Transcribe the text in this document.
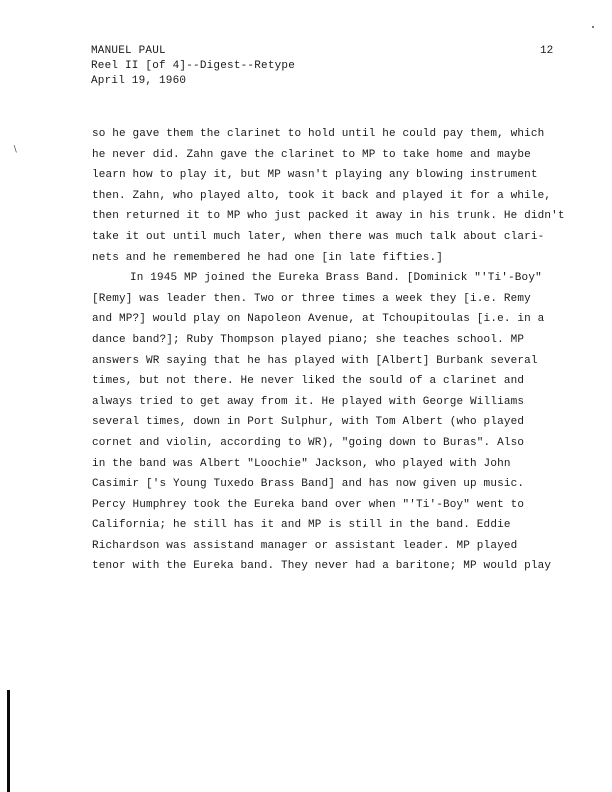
MANUEL PAUL
Reel II [of 4]--Digest--Retype
April 19, 1960
12
∖
so he gave them the clarinet to hold until he could pay them, which
he never did. Zahn gave the clarinet to MP to take home and maybe
learn how to play it, but MP wasn't playing any blowing instrument
then. Zahn, who played alto, took it back and played it for a while,
then returned it to MP who just packed it away in his trunk. He didn't
take it out until much later, when there was much talk about clari-
nets and he remembered he had one [in late fifties.]
In 1945 MP joined the Eureka Brass Band. [Dominick "'Ti'-Boy"
[Remy] was leader then. Two or three times a week they [i.e. Remy
and MP?] would play on Napoleon Avenue, at Tchoupitoulas [i.e. in a
dance band?]; Ruby Thompson played piano; she teaches school. MP
answers WR saying that he has played with [Albert] Burbank several
times, but not there. He never liked the sould of a clarinet and
always tried to get away from it. He played with George Williams
several times, down in Port Sulphur, with Tom Albert (who played
cornet and violin, according to WR), "going down to Buras". Also
in the band was Albert "Loochie" Jackson, who played with John
Casimir ['s Young Tuxedo Brass Band] and has now given up music.
Percy Humphrey took the Eureka band over when "'Ti'-Boy" went to
California; he still has it and MP is still in the band. Eddie
Richardson was assistand manager or assistant leader. MP played
tenor with the Eureka band. They never had a baritone; MP would play
